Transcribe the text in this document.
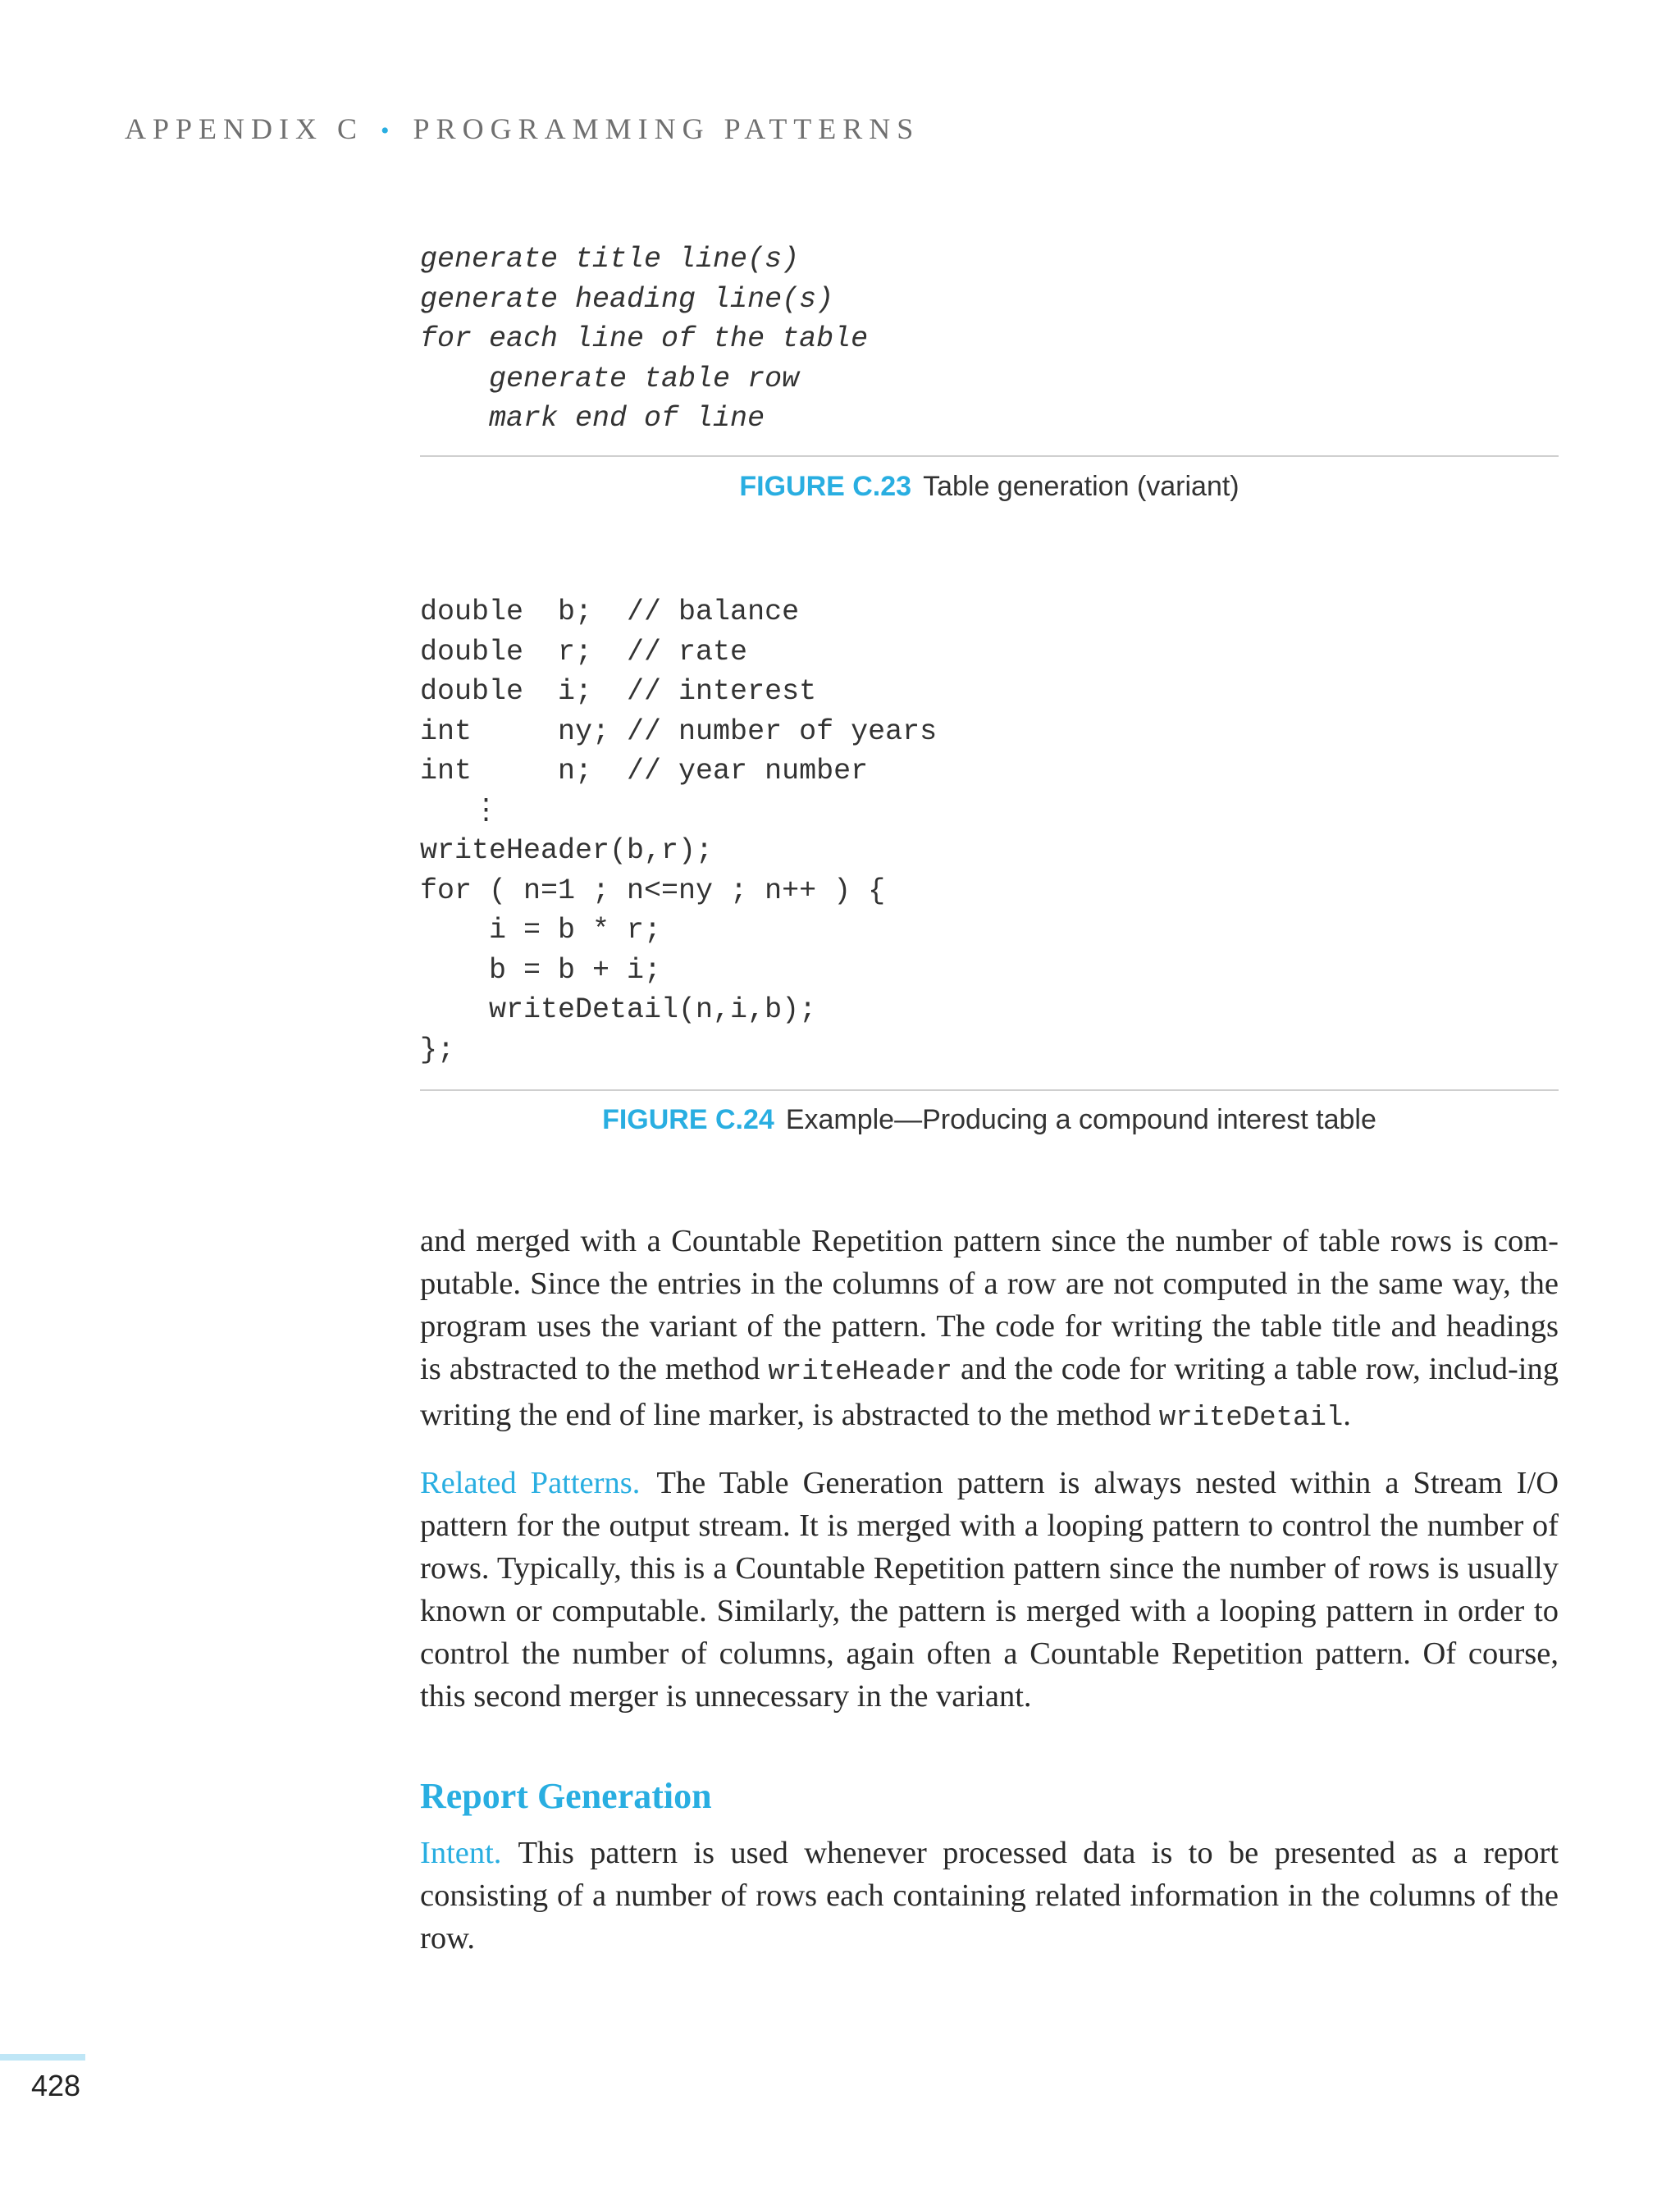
APPENDIX C • PROGRAMMING PATTERNS
generate title line(s)
generate heading line(s)
for each line of the table
generate table row
mark end of line
FIGURE C.23 Table generation (variant)
double  b;  // balance
double  r;  // rate
double  i;  // interest
int     ny; // number of years
int     n;  // year number
⋮
writeHeader(b,r);
for ( n=1 ; n<=ny ; n++ ) {
i = b * r;
b = b + i;
writeDetail(n,i,b);
};
FIGURE C.24 Example—Producing a compound interest table

and merged with a Countable Repetition pattern since the number of table rows is com-putable. Since the entries in the columns of a row are not computed in the same way, the program uses the variant of the pattern. The code for writing the table title and headings is abstracted to the method writeHeader and the code for writing a table row, includ-ing writing the end of line marker, is abstracted to the method writeDetail.

Related Patterns. The Table Generation pattern is always nested within a Stream I/O pattern for the output stream. It is merged with a looping pattern to control the number of rows. Typically, this is a Countable Repetition pattern since the number of rows is usually known or computable. Similarly, the pattern is merged with a looping pattern in order to control the number of columns, again often a Countable Repetition pattern. Of course, this second merger is unnecessary in the variant.

Report Generation

Intent. This pattern is used whenever processed data is to be presented as a report consisting of a number of rows each containing related information in the columns of the row.

428
